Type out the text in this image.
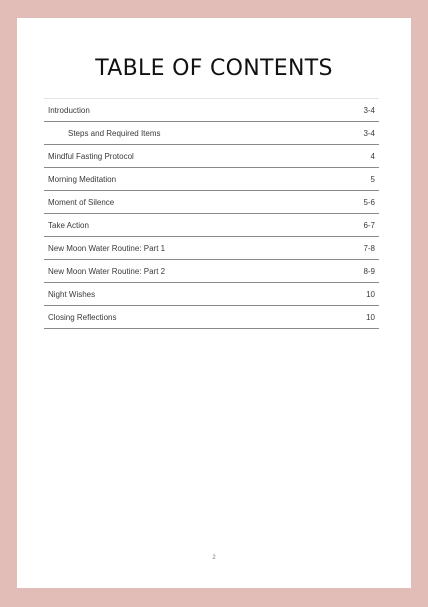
TABLE OF CONTENTS
Introduction	3-4
Steps and Required Items	3-4
Mindful Fasting Protocol	4
Morning Meditation	5
Moment of Silence	5-6
Take Action	6-7
New Moon Water Routine: Part 1	7-8
New Moon Water Routine: Part 2	8-9
Night Wishes	10
Closing Reflections	10
2
